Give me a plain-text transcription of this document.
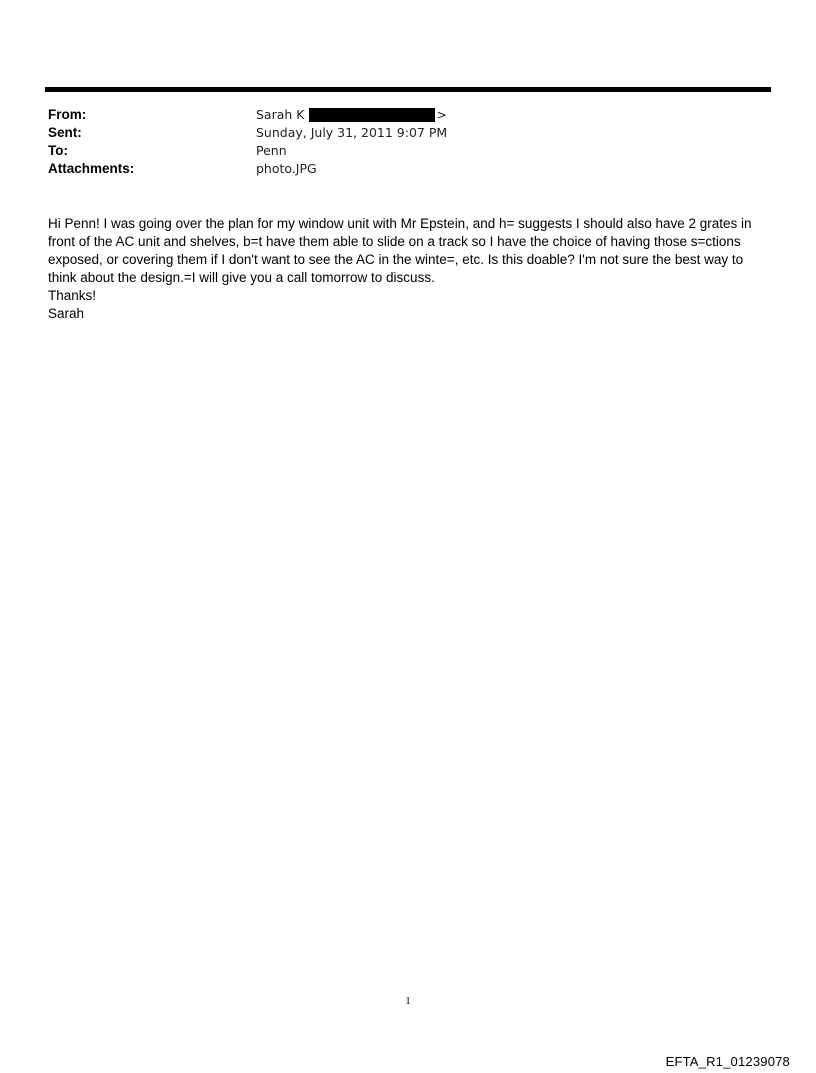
From:	Sarah K	>
Sent:	Sunday, July 31, 2011 9:07 PM
To:	Penn
Attachments:	photo.JPG

Hi Penn! I was going over the plan for my window unit with Mr Epstein, and h= suggests I should also have 2 grates in front of the AC unit and shelves, b=t have them able to slide on a track so I have the choice of having those s=ctions exposed, or covering them if I don't want to see the AC in the winte=, etc. Is this doable? I'm not sure the best way to think about the design.=I will give you a call tomorrow to discuss.

Thanks!

Sarah

1
EFTA_R1_01239078
